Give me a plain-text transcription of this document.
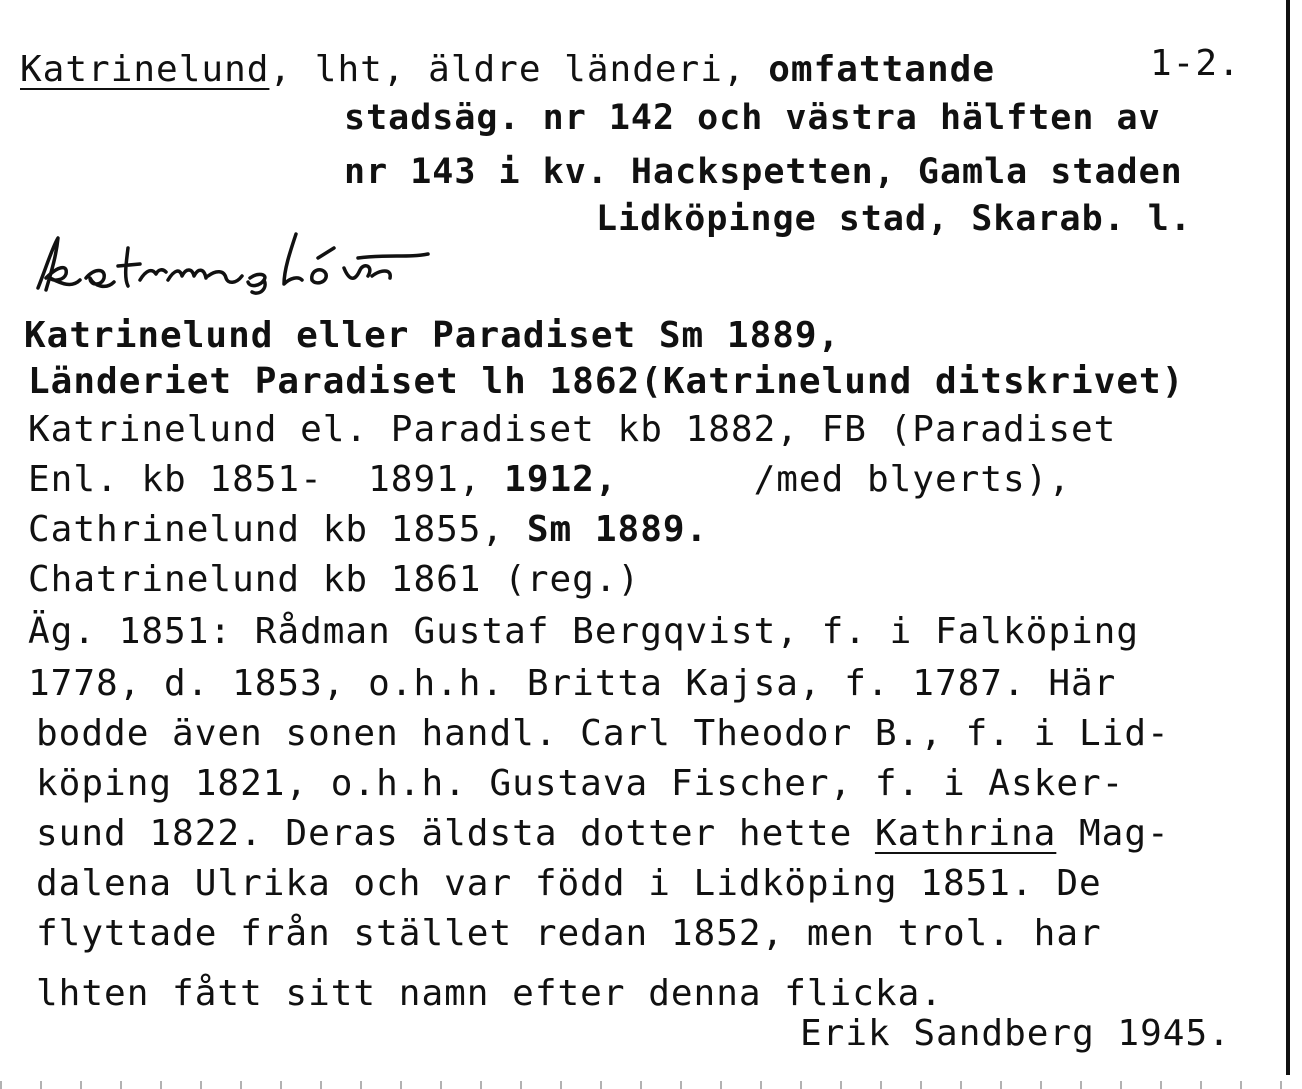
Katrinelund, lht, äldre länderi, omfattande	1-2.
stadsäg. nr 142 och västra hälften av
nr 143 i kv. Hackspetten, Gamla staden
Lidköpinge stad, Skarab. l.
Katrinelund eller Paradiset Sm 1889,
Länderiet Paradiset lh 1862(Katrinelund ditskrivet)
Katrinelund el. Paradiset kb 1882, FB (Paradiset
Enl. kb 1851-  1891, 1912,      /med blyerts),
Cathrinelund kb 1855, Sm 1889.
Chatrinelund kb 1861 (reg.)
Äg. 1851: Rådman Gustaf Bergqvist, f. i Falköping
1778, d. 1853, o.h.h. Britta Kajsa, f. 1787. Här
bodde även sonen handl. Carl Theodor B., f. i Lid-
köping 1821, o.h.h. Gustava Fischer, f. i Asker-
sund 1822. Deras äldsta dotter hette Kathrina Mag-
dalena Ulrika och var född i Lidköping 1851. De
flyttade från stället redan 1852, men trol. har
lhten fått sitt namn efter denna flicka.
Erik Sandberg 1945.
